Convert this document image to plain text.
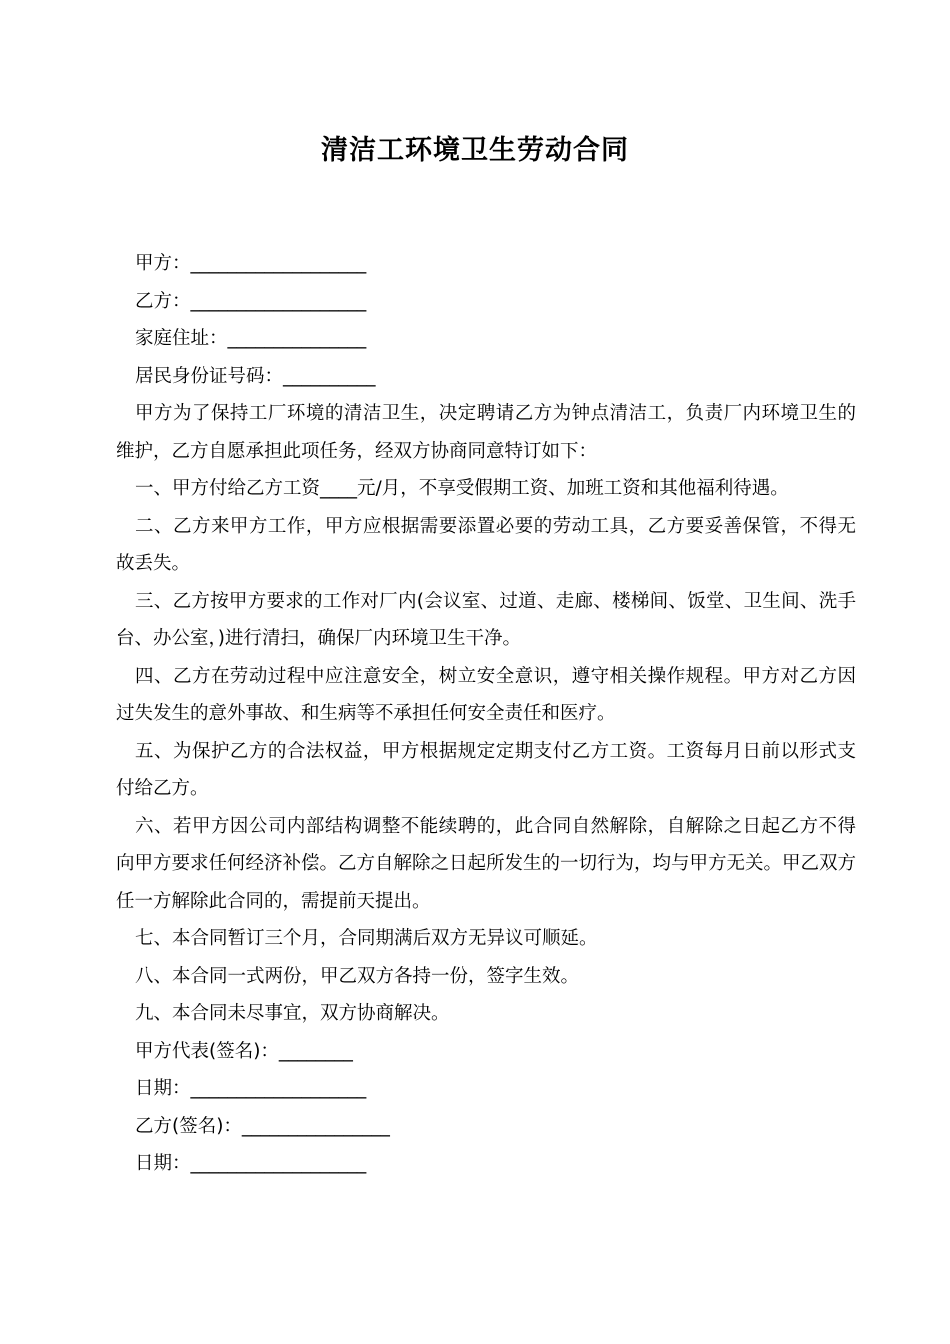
清洁工环境卫生劳动合同
甲方：___________________
乙方：___________________
家庭住址：_______________
居民身份证号码：__________
甲方为了保持工厂环境的清洁卫生，决定聘请乙方为钟点清洁工，负责厂内环境卫生的维护，乙方自愿承担此项任务，经双方协商同意特订如下：
一、甲方付给乙方工资____元/月，不享受假期工资、加班工资和其他福利待遇。
二、乙方来甲方工作，甲方应根据需要添置必要的劳动工具，乙方要妥善保管，不得无故丢失。
三、乙方按甲方要求的工作对厂内(会议室、过道、走廊、楼梯间、饭堂、卫生间、洗手台、办公室，)进行清扫，确保厂内环境卫生干净。
四、乙方在劳动过程中应注意安全，树立安全意识，遵守相关操作规程。甲方对乙方因过失发生的意外事故、和生病等不承担任何安全责任和医疗。
五、为保护乙方的合法权益，甲方根据规定定期支付乙方工资。工资每月日前以形式支付给乙方。
六、若甲方因公司内部结构调整不能续聘的，此合同自然解除，自解除之日起乙方不得向甲方要求任何经济补偿。乙方自解除之日起所发生的一切行为，均与甲方无关。甲乙双方任一方解除此合同的，需提前天提出。
七、本合同暂订三个月，合同期满后双方无异议可顺延。
八、本合同一式两份，甲乙双方各持一份，签字生效。
九、本合同未尽事宜，双方协商解决。
甲方代表(签名)：________
日期：___________________
乙方(签名)：________________
日期：___________________
